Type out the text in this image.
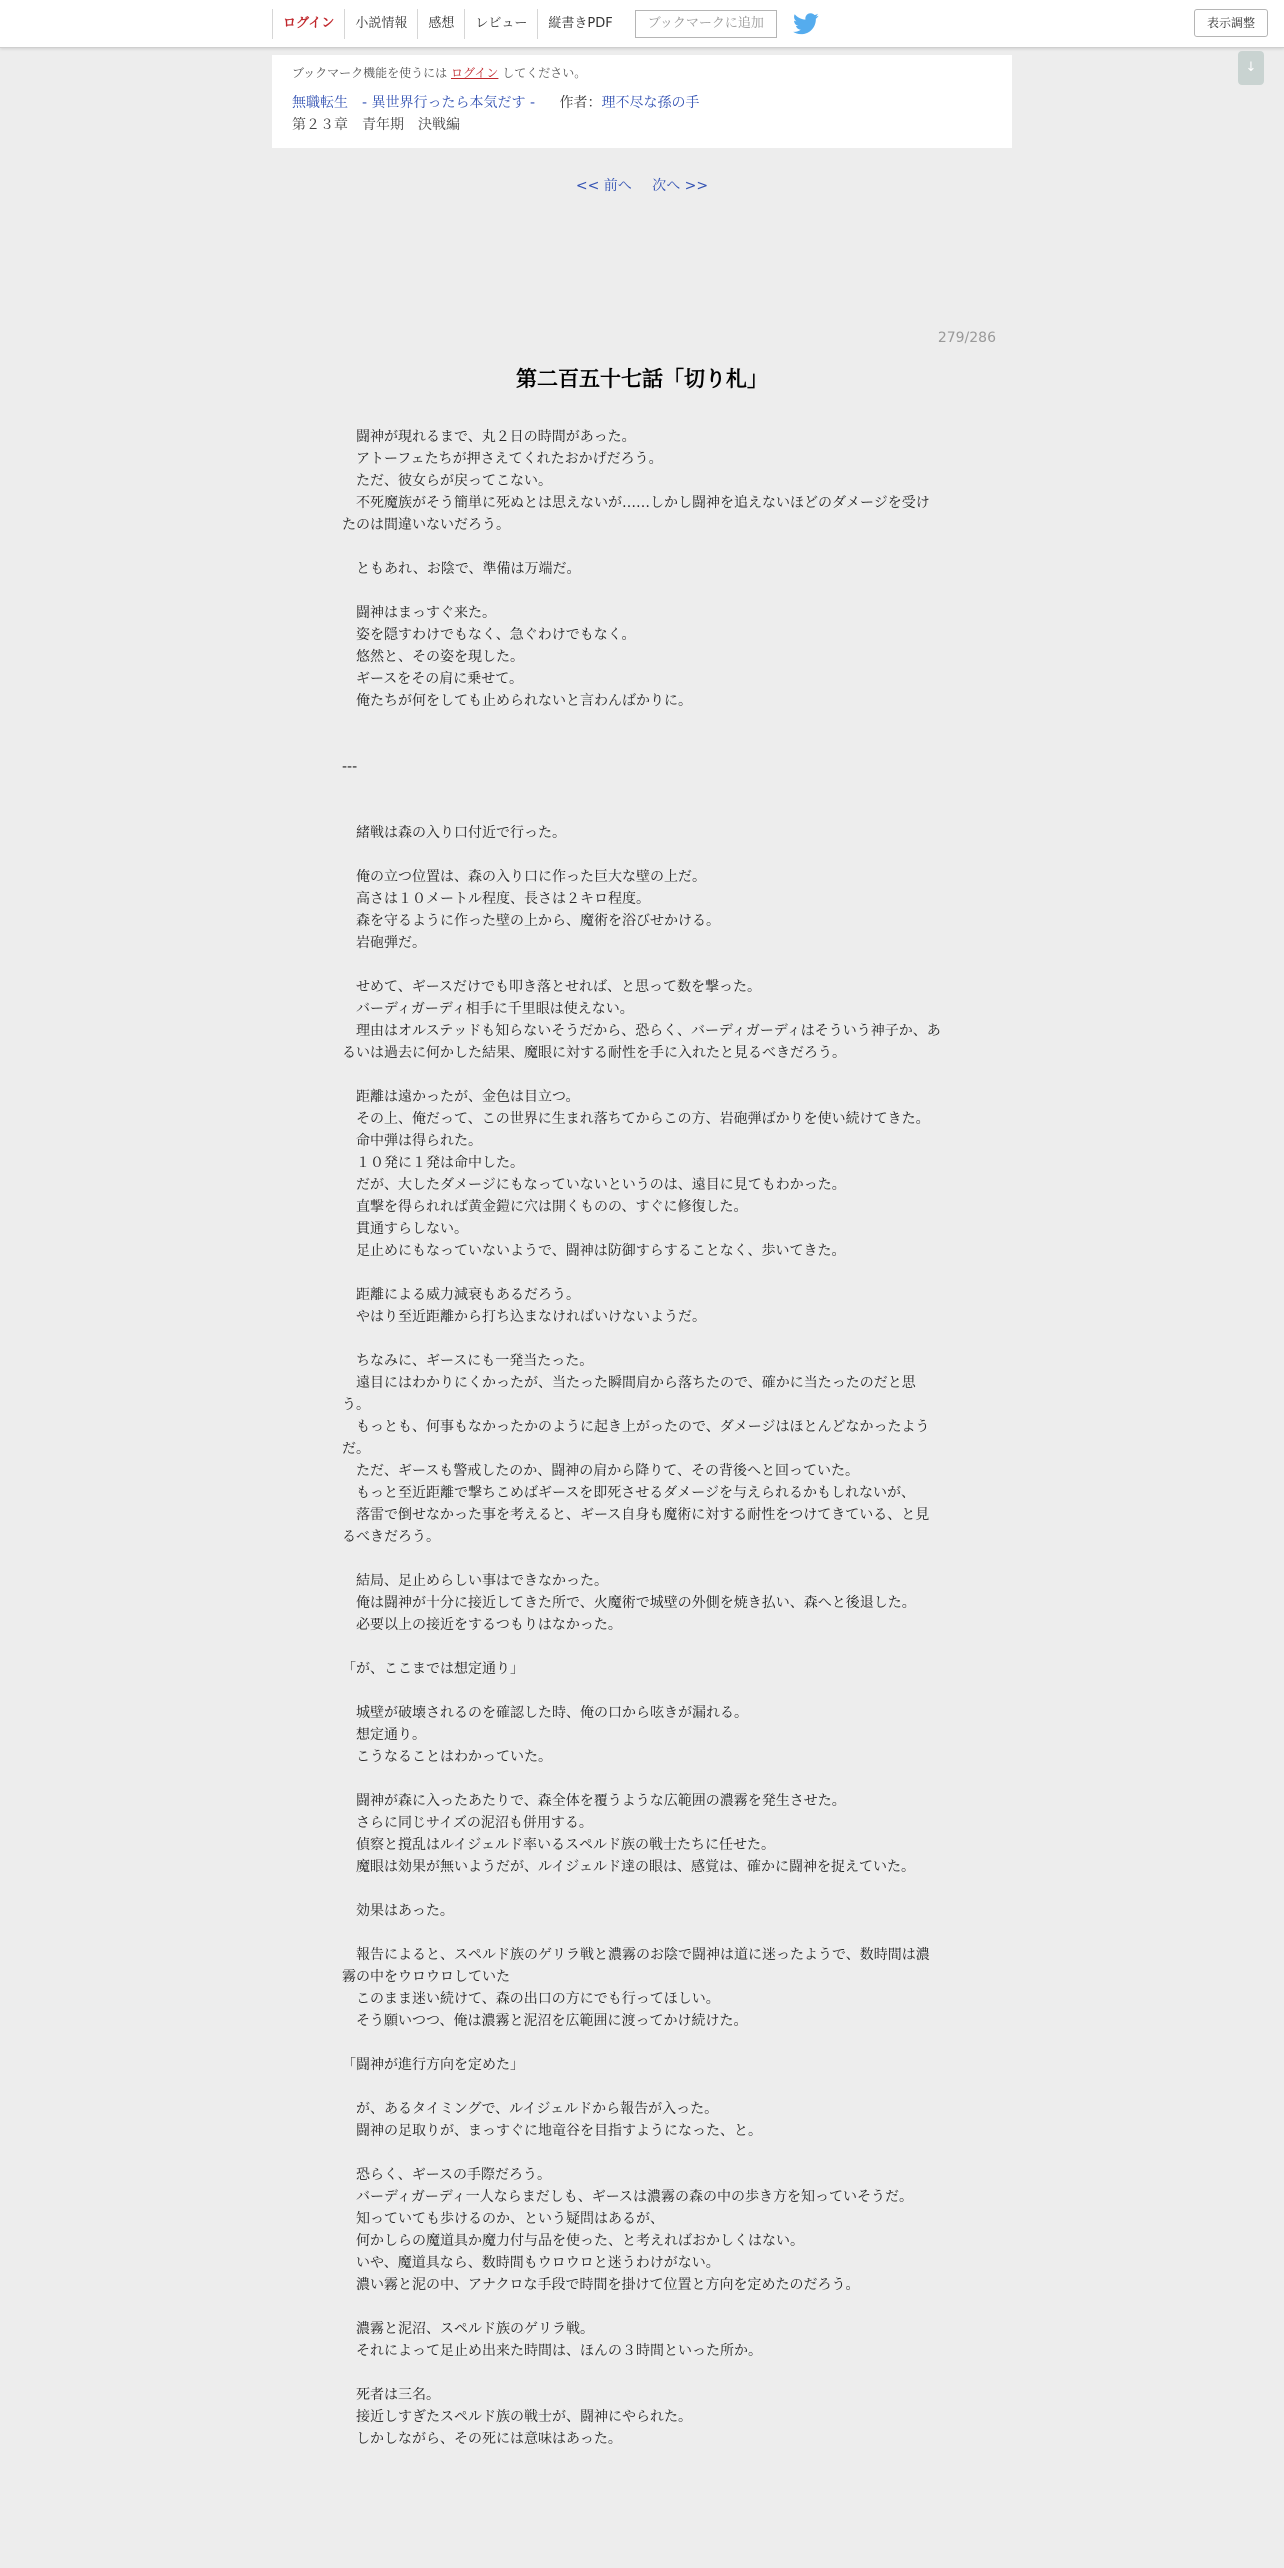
ログイン	小説情報	感想	レビュー	縦書きPDF	ブックマークに追加	表示調整
↓
ブックマーク機能を使うには ログイン してください。
無職転生　- 異世界行ったら本気だす - 作者：理不尽な孫の手
第２３章　青年期　決戦編
<< 前へ 次へ >>
279/286
第二百五十七話「切り札」

　闘神が現れるまで、丸２日の時間があった。

　アトーフェたちが押さえてくれたおかげだろう。

　ただ、彼女らが戻ってこない。

　不死魔族がそう簡単に死ぬとは思えないが……しかし闘神を追えないほどのダメージを受けたのは間違いないだろう。

　ともあれ、お陰で、準備は万端だ。

　闘神はまっすぐ来た。

　姿を隠すわけでもなく、急ぐわけでもなく。

　悠然と、その姿を現した。

　ギースをその肩に乗せて。

　俺たちが何をしても止められないと言わんばかりに。

---

　緒戦は森の入り口付近で行った。

　俺の立つ位置は、森の入り口に作った巨大な壁の上だ。

　高さは１０メートル程度、長さは２キロ程度。

　森を守るように作った壁の上から、魔術を浴びせかける。

　岩砲弾だ。

　せめて、ギースだけでも叩き落とせれば、と思って数を撃った。

　バーディガーディ相手に千里眼は使えない。

　理由はオルステッドも知らないそうだから、恐らく、バーディガーディはそういう神子か、あるいは過去に何かした結果、魔眼に対する耐性を手に入れたと見るべきだろう。

　距離は遠かったが、金色は目立つ。

　その上、俺だって、この世界に生まれ落ちてからこの方、岩砲弾ばかりを使い続けてきた。

　命中弾は得られた。

　１０発に１発は命中した。

　だが、大したダメージにもなっていないというのは、遠目に見てもわかった。

　直撃を得られれば黄金鎧に穴は開くものの、すぐに修復した。

　貫通すらしない。

　足止めにもなっていないようで、闘神は防御すらすることなく、歩いてきた。

　距離による威力減衰もあるだろう。

　やはり至近距離から打ち込まなければいけないようだ。

　ちなみに、ギースにも一発当たった。

　遠目にはわかりにくかったが、当たった瞬間肩から落ちたので、確かに当たったのだと思う。

　もっとも、何事もなかったかのように起き上がったので、ダメージはほとんどなかったようだ。

　ただ、ギースも警戒したのか、闘神の肩から降りて、その背後へと回っていた。

　もっと至近距離で撃ちこめばギースを即死させるダメージを与えられるかもしれないが、

　落雷で倒せなかった事を考えると、ギース自身も魔術に対する耐性をつけてきている、と見るべきだろう。

　結局、足止めらしい事はできなかった。

　俺は闘神が十分に接近してきた所で、火魔術で城壁の外側を焼き払い、森へと後退した。

　必要以上の接近をするつもりはなかった。

「が、ここまでは想定通り」

　城壁が破壊されるのを確認した時、俺の口から呟きが漏れる。

　想定通り。

　こうなることはわかっていた。

　闘神が森に入ったあたりで、森全体を覆うような広範囲の濃霧を発生させた。

　さらに同じサイズの泥沼も併用する。

　偵察と撹乱はルイジェルド率いるスペルド族の戦士たちに任せた。

　魔眼は効果が無いようだが、ルイジェルド達の眼は、感覚は、確かに闘神を捉えていた。

　効果はあった。

　報告によると、スペルド族のゲリラ戦と濃霧のお陰で闘神は道に迷ったようで、数時間は濃霧の中をウロウロしていた

　このまま迷い続けて、森の出口の方にでも行ってほしい。

　そう願いつつ、俺は濃霧と泥沼を広範囲に渡ってかけ続けた。

「闘神が進行方向を定めた」

　が、あるタイミングで、ルイジェルドから報告が入った。

　闘神の足取りが、まっすぐに地竜谷を目指すようになった、と。

　恐らく、ギースの手際だろう。

　バーディガーディ一人ならまだしも、ギースは濃霧の森の中の歩き方を知っていそうだ。

　知っていても歩けるのか、という疑問はあるが、

　何かしらの魔道具か魔力付与品を使った、と考えればおかしくはない。

　いや、魔道具なら、数時間もウロウロと迷うわけがない。

　濃い霧と泥の中、アナクロな手段で時間を掛けて位置と方向を定めたのだろう。

　濃霧と泥沼、スペルド族のゲリラ戦。

　それによって足止め出来た時間は、ほんの３時間といった所か。

　死者は三名。

　接近しすぎたスペルド族の戦士が、闘神にやられた。

　しかしながら、その死には意味はあった。
